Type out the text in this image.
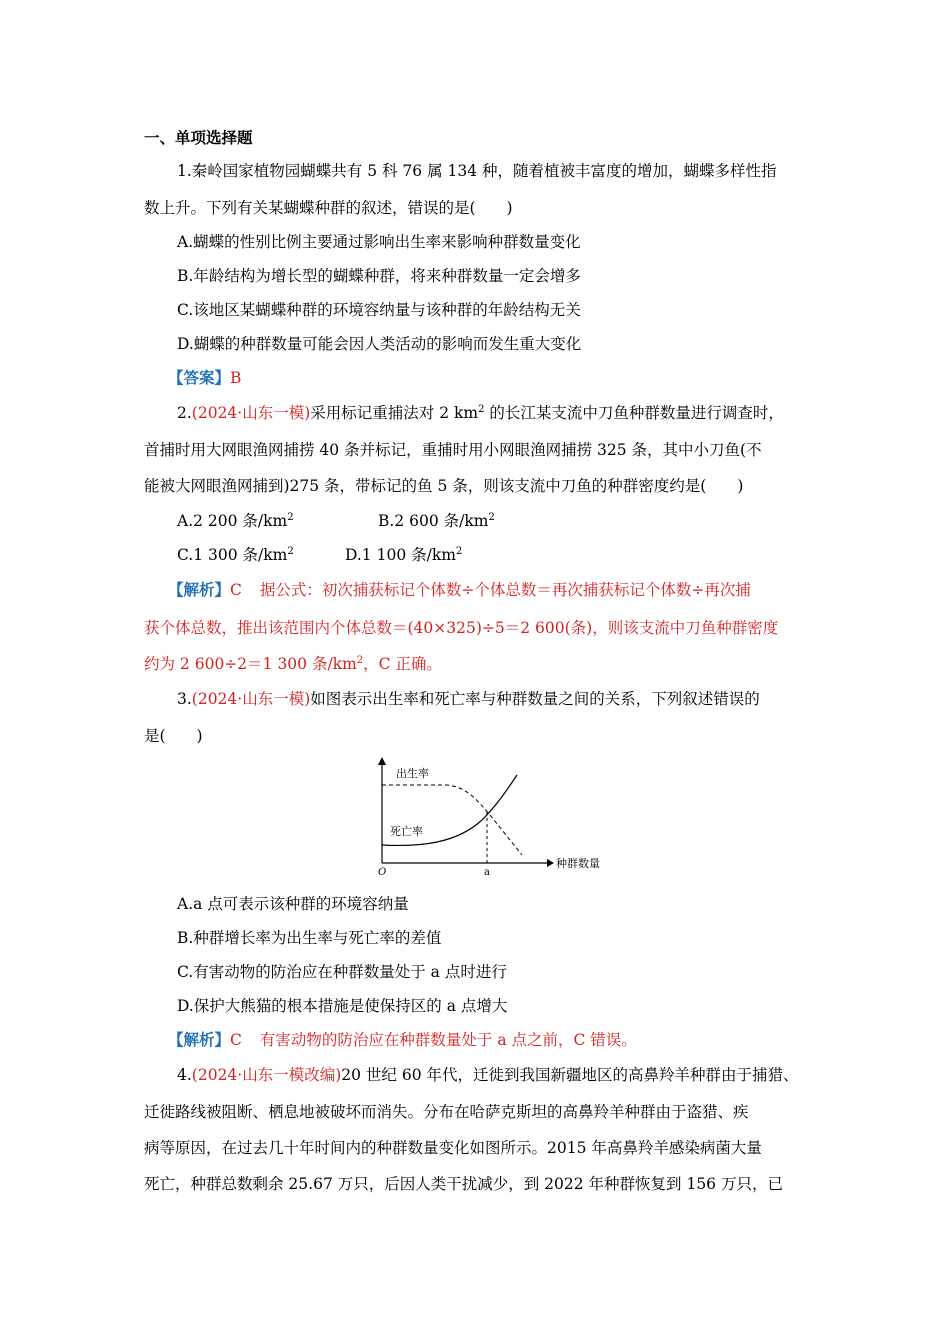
一、单项选择题
1.秦岭国家植物园蝴蝶共有 5 科 76 属 134 种，随着植被丰富度的增加，蝴蝶多样性指
数上升。下列有关某蝴蝶种群的叙述，错误的是(　　)
A.蝴蝶的性别比例主要通过影响出生率来影响种群数量变化
B.年龄结构为增长型的蝴蝶种群，将来种群数量一定会增多
C.该地区某蝴蝶种群的环境容纳量与该种群的年龄结构无关
D.蝴蝶的种群数量可能会因人类活动的影响而发生重大变化
【答案】B
2.(2024·山东一模)采用标记重捕法对 2 $km^2$ 的长江某支流中刀鱼种群数量进行调查时，
首捕时用大网眼渔网捕捞 40 条并标记，重捕时用小网眼渔网捕捞 325 条，其中小刀鱼(不
能被大网眼渔网捕到)275 条，带标记的鱼 5 条，则该支流中刀鱼的种群密度约是(　　)
A.2 200 条$/km^2$	B.2 600 条$/km^2$
C.1 300 条$/km^2$	D.1 100 条$/km^2$
【解析】C 据公式：初次捕获标记个体数÷个体总数＝再次捕获标记个体数÷再次捕
获个体总数，推出该范围内个体总数＝(40×325)÷5＝2 600(条)，则该支流中刀鱼种群密度
约为 2 600÷2＝1 300 条$/km^2$，C 正确。
3.(2024·山东一模)如图表示出生率和死亡率与种群数量之间的关系，下列叙述错误的
是(　　)
出生率
死亡率
O	a
种群数量
A.a 点可表示该种群的环境容纳量
B.种群增长率为出生率与死亡率的差值
C.有害动物的防治应在种群数量处于 a 点时进行
D.保护大熊猫的根本措施是使保持区的 a 点增大
【解析】C 有害动物的防治应在种群数量处于 a 点之前，C 错误。
4.(2024·山东一模改编)20 世纪 60 年代，迁徙到我国新疆地区的高鼻羚羊种群由于捕猎、
迁徙路线被阻断、栖息地被破坏而消失。分布在哈萨克斯坦的高鼻羚羊种群由于盗猎、疾
病等原因，在过去几十年时间内的种群数量变化如图所示。2015 年高鼻羚羊感染病菌大量
死亡，种群总数剩余 25.67 万只，后因人类干扰减少，到 2022 年种群恢复到 156 万只，已
